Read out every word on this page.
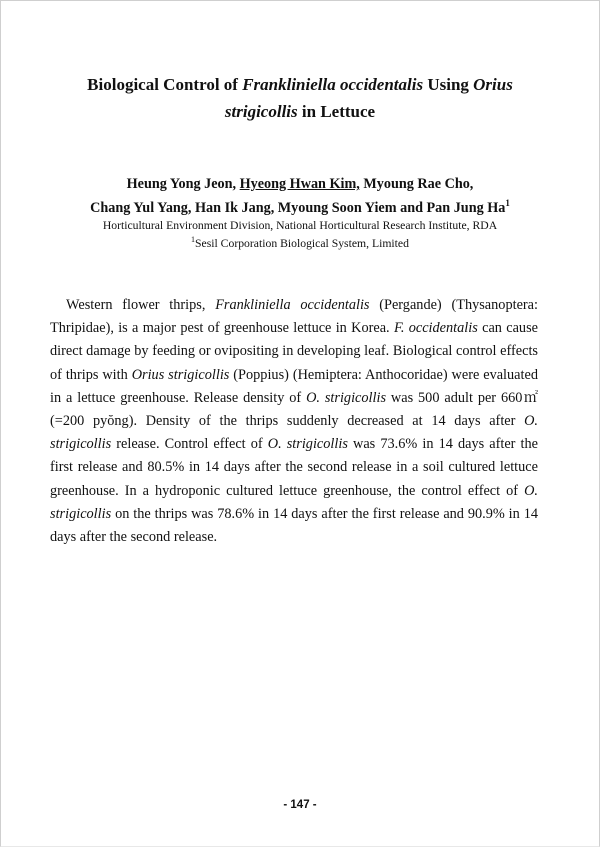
Biological Control of Frankliniella occidentalis Using Orius
strigicollis in Lettuce

Heung Yong Jeon, Hyeong Hwan Kim, Myoung Rae Cho,
Chang Yul Yang, Han Ik Jang, Myoung Soon Yiem and Pan Jung Ha$^1$

Horticultural Environment Division, National Horticultural Research Institute, RDA

$^1$Sesil Corporation Biological System, Limited

Western flower thrips, Frankliniella occidentalis (Pergande) (Thysanoptera: Thripidae), is a major pest of greenhouse lettuce in Korea. F. occidentalis can cause direct damage by feeding or ovipositing in developing leaf. Biological control effects of thrips with Orius strigicollis (Poppius) (Hemiptera: Anthocoridae) were evaluated in a lettuce greenhouse. Release density of O. strigicollis was 500 adult per 660㎡ (=200 pyŏng). Density of the thrips suddenly decreased at 14 days after O. strigicollis release. Control effect of O. strigicollis was 73.6% in 14 days after the first release and 80.5% in 14 days after the second release in a soil cultured lettuce greenhouse. In a hydroponic cultured lettuce greenhouse, the control effect of O. strigicollis on the thrips was 78.6% in 14 days after the first release and 90.9% in 14 days after the second release.

- 147 -
